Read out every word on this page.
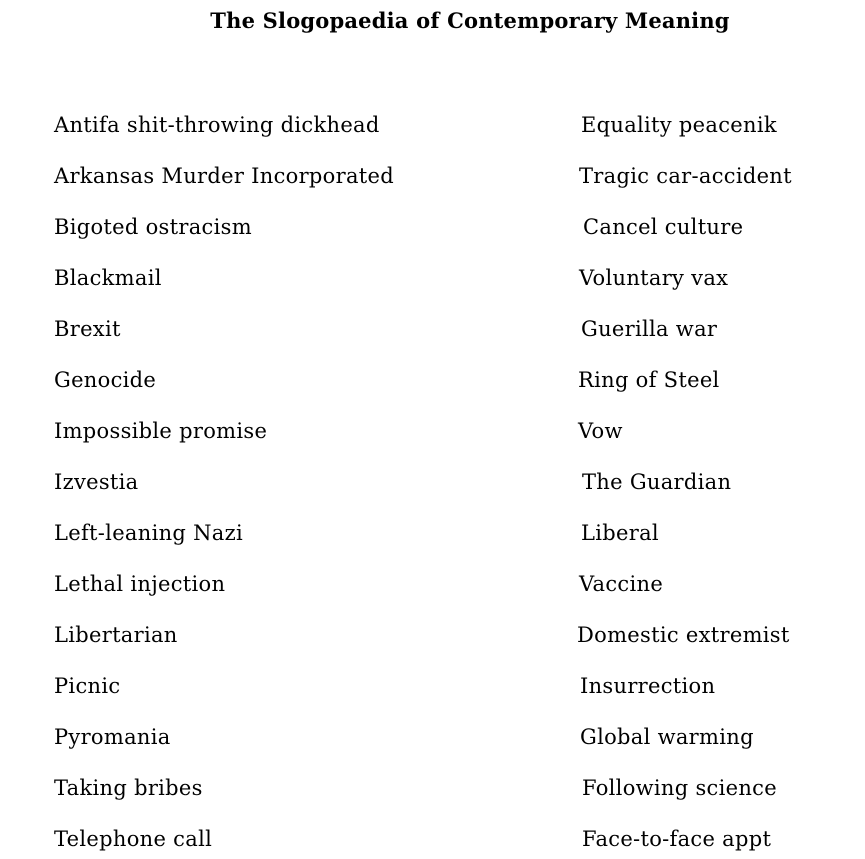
The Slogopaedia of Contemporary Meaning
Antifa shit-throwing dickhead	Equality peacenik
Arkansas Murder Incorporated	Tragic car-accident
Bigoted ostracism	Cancel culture
Blackmail	Voluntary vax
Brexit	Guerilla war
Genocide	Ring of Steel
Impossible promise	Vow
Izvestia	The Guardian
Left-leaning Nazi	Liberal
Lethal injection	Vaccine
Libertarian	Domestic extremist
Picnic	Insurrection
Pyromania	Global warming
Taking bribes	Following science
Telephone call	Face-to-face appt
